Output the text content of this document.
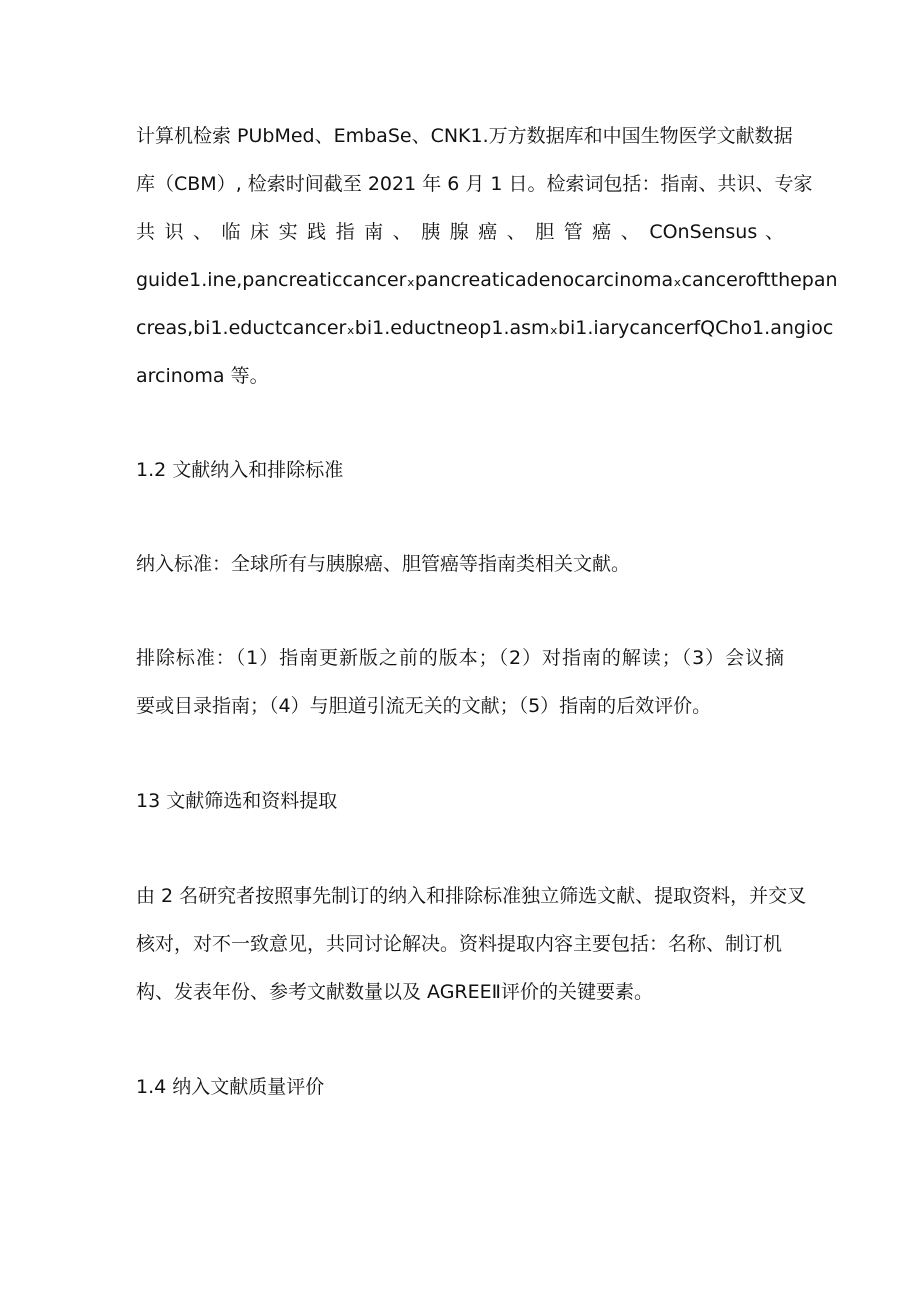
计算机检索 PUbMed、EmbaSe、CNK1.万方数据库和中国生物医学文献数据
库（CBM）, 检索时间截至 2021 年 6 月 1 日。检索词包括：指南、共识、专家
共 识 、 临 床 实 践 指 南 、 胰 腺 癌 、 胆 管 癌 、 COnSensus 、
guide1.ine,pancreaticcancerₓpancreaticadenocarcinomaₓcanceroftthepan
creas,bi1.eductcancerₓbi1.eductneop1.asmₓbi1.iarycancerfQCho1.angioc
arcinoma 等。
1.2 文献纳入和排除标准
纳入标准：全球所有与胰腺癌、胆管癌等指南类相关文献。
排除标准：（1）指南更新版之前的版本；（2）对指南的解读；（3）会议摘
要或目录指南；（4）与胆道引流无关的文献；（5）指南的后效评价。
13 文献筛选和资料提取
由 2 名研究者按照事先制订的纳入和排除标准独立筛选文献、提取资料，并交叉
核对，对不一致意见，共同讨论解决。资料提取内容主要包括：名称、制订机
构、发表年份、参考文献数量以及 AGREEⅡ评价的关键要素。
1.4 纳入文献质量评价
